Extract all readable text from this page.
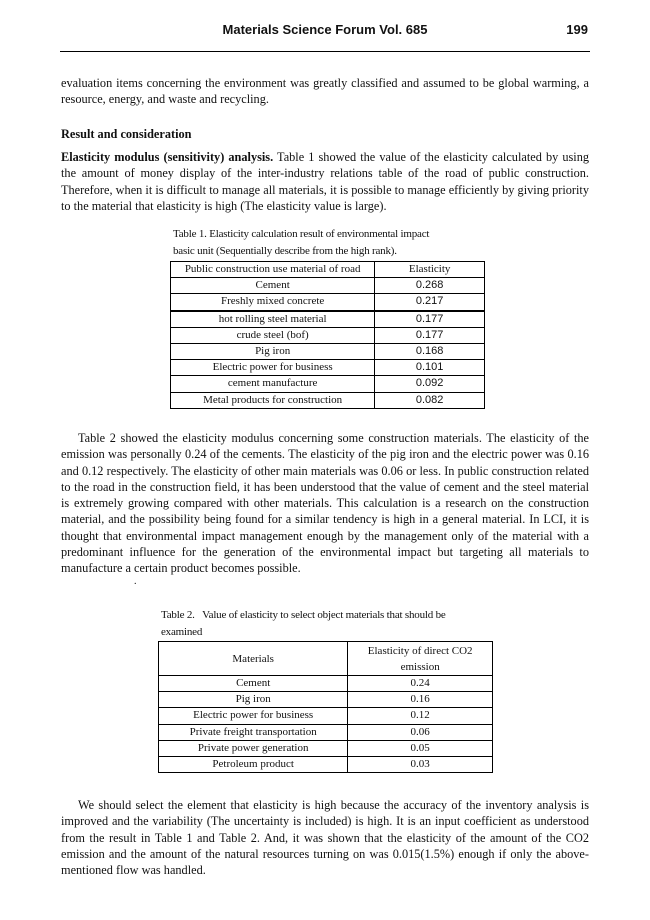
Materials Science Forum Vol. 685	199
evaluation items concerning the environment was greatly classified and assumed to be global warming, a resource, energy, and waste and recycling.
Result and consideration
Elasticity modulus (sensitivity) analysis. Table 1 showed the value of the elasticity calculated by using the amount of money display of the inter-industry relations table of the road of public construction. Therefore, when it is difficult to manage all materials, it is possible to manage efficiently by giving priority to the material that elasticity is high (The elasticity value is large).
Table 1. Elasticity calculation result of environmental impact
basic unit (Sequentially describe from the high rank).
Public construction use material of road	Elasticity
Cement	0.268
Freshly mixed concrete	0.217
hot rolling steel material	0.177
crude steel (bof)	0.177
Pig iron	0.168
Electric power for business	0.101
cement manufacture	0.092
Metal products for construction	0.082
Table 2 showed the elasticity modulus concerning some construction materials. The elasticity of the emission was personally 0.24 of the cements. The elasticity of the pig iron and the electric power was 0.16 and 0.12 respectively. The elasticity of other main materials was 0.06 or less. In public construction related to the road in the construction field, it has been understood that the value of cement and the steel material is extremely growing compared with other materials. This calculation is a research on the construction material, and the possibility being found for a similar tendency is high in a general material. In LCI, it is thought that environmental impact management enough by the management only of the material with a predominant influence for the generation of the environmental impact but targeting all materials to manufacture a certain product becomes possible.
.
Table 2.   Value of elasticity to select object materials that should be
examined
Materials	Elasticity of direct CO2 emission
Cement	0.24
Pig iron	0.16
Electric power for business	0.12
Private freight transportation	0.06
Private power generation	0.05
Petroleum product	0.03
We should select the element that elasticity is high because the accuracy of the inventory analysis is improved and the variability (The uncertainty is included) is high. It is an input coefficient as understood from the result in Table 1 and Table 2. And, it was shown that the elasticity of the amount of the CO2 emission and the amount of the natural resources turning on was 0.015(1.5%) enough if only the above-mentioned flow was handled.
